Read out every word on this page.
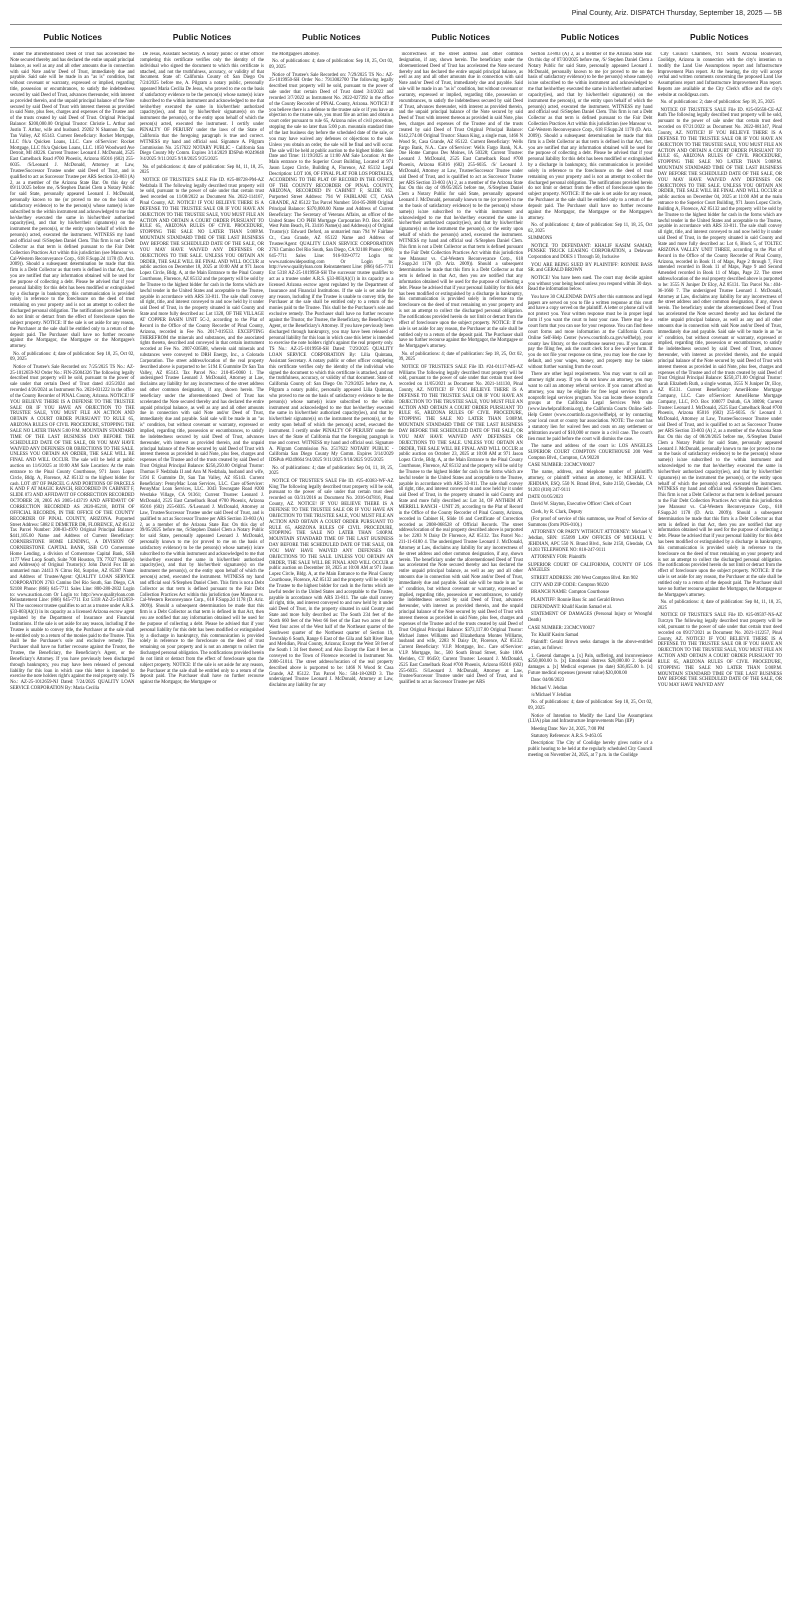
Pinal County, Ariz. DISPATCH Thursday, September 18, 2025 — 5B
Public Notices	Public Notices	Public Notices	Public Notices	Public Notices	Public Notices

under the aforementioned Deed of Trust has accelerated the Note secured thereby and has declared the entire unpaid principal balance, as well as any and all other amounts due in connection with said Note and/or Deed of Trust, immediately due and payable. Said sale will be made in an "as is" condition, but without covenant or warranty, expressed or implied, regarding title, possession or encumbrances, to satisfy the indebtedness secured by said Deed of Trust, advances thereunder, with interest as provided therein, and the unpaid principal balance of the Note secured by said Deed of Trust with interest thereon as provided in said Note, plus fees, charges and expenses of the Trustee and of the trusts created by said Deed of Trust. Original Principal Balance: $200,000.00 Original Trustor: Christie L. Arthur and Justin T. Arthur, wife and husband. 29202 N Shannon Dr, San Tan Valley, AZ 85143. Current Beneficiary: Rocket Mortgage, LLC f/k/a Quicken Loans, LLC. Care of/Servicer: Rocket Mortgage, LLC f/k/a Quicken Loans, LLC. 1050 Woodward Ave Detroit, MI 48226. Current Trustee: Leonard J. McDonald, 2525 East Camelback Road #700 Phoenix, Arizona 85016 (602) 255-6035. /S/Leonard J. McDonald, Attorney at Law, Trustee/Successor Trustee under said Deed of Trust, and is qualified to act as Successor Trustee per ARS Section 33-803 (A) 2, as a member of the Arizona State Bar. On this day of 09/11/2025 before me, /S/Stephen Daniel Clem a Notary Public for said State, personally appeared Leonard J. McDonald, personally known to me (or proved to me on the basis of satisfactory evidence) to be the person(s) whose name(s) is/are subscribed to the within instrument and acknowledged to me that he/she/they executed the same in his/her/their authorized capacity(ies), and that by his/her/their signature(s) on the instrument the person(s), or the entity upon behalf of which the person(s) acted, executed the instrument. WITNESS my hand and official seal /S/Stephen Daniel Clem. This firm is not a Debt Collector as that term is defined pursuant to the Fair Debt Collection Practices Act within this jurisdiction (see Mansour vs. Cal-Western Reconveyance Corp., 618 F.Supp.2d 1178 (D. Ariz. 2009)). Should a subsequent determination be made that this firm is a Debt Collector as that term is defined in that Act, then you are notified that any information obtained will be used for the purpose of collecting a debt. Please be advised that if your personal liability for this debt has been modified or extinguished by a discharge in bankruptcy, this communication is provided solely in reference to the foreclosure on the deed of trust remaining on your property and is not an attempt to collect the discharged personal obligation. The notifications provided herein do not limit or detract from the effect of foreclosure upon the subject property. NOTICE: If the sale is set aside for any reason, the Purchaser at the sale shall be entitled only to a return of the deposit paid. The Purchaser shall have no further recourse against the Mortgagor, the Mortgagee or the Mortgagee's attorney.

No. of publications: 4; date of publication: Sep 18, 25, Oct 02, 09, 2025

Notice of Trustee's Sale Recorded on: 7/25/2025 TS No.: AZ-25-1012659-NJ Order No.: FIN-25004326 The following legally described trust property will be sold, pursuant to the power of sale under that certain Deed of Trust dated 4/25/2024 and recorded 4/26/2024 as Instrument No. 2024-031222 in the office of the County Recorder of PINAL County, Arizona. NOTICE! IF YOU BELIEVE THERE IS A DEFENSE TO THE TRUSTEE SALE OR IF YOU HAVE AN OBJECTION TO THE TRUSTEE SALE, YOU MUST FILE AN ACTION AND OBTAIN A COURT ORDER PURSUANT TO RULE 65, ARIZONA RULES OF CIVIL PROCEDURE, STOPPING THE SALE NO LATER THAN 5:00 P.M. MOUNTAIN STANDARD TIME OF THE LAST BUSINESS DAY BEFORE THE SCHEDULED DATE OF THE SALE, OR YOU MAY HAVE WAIVED ANY DEFENSES OR OBJECTIONS TO THE SALE. UNLESS YOU OBTAIN AN ORDER, THE SALE WILL BE FINAL AND WILL OCCUR. The sale will be held at public auction on 11/6/2025 at 10:00 AM Sale Location: At the main entrance to the Pinal County Courthouse, 971 Jason Lopez Circle, Bldg. A, Florence, AZ 85132 to the highest bidder for cash. LOT 497 OF PARCEL G AND PORTIONS OF PARCELS K AND F AT MAGIC RANCH, RECORDED IN CABINET F, SLIDE 073 AND AFFIDAVIT OF CORRECTION RECORDED OCTOBER 20, 2005 AS 2005-143719 AND AFFIDAVIT OF CORRECTION RECORDED AS 2020-85218, BOTH OF OFFICIAL RECORDS, IN THE OFFICE OF THE COUNTY RECORDER OF PINAL COUNTY, ARIZONA. Purported Street Address: 5882 E DEMETER DR, FLORENCE, AZ 85132 Tax Parcel Number: 200-03-4970 Original Principal Balance: $441,105.00 Name and Address of Current Beneficiary: CORNERSTONE HOME LENDING, A DIVISION OF CORNERSTONE CAPITAL BANK, SSB C/O Cornerstone Home Lending, a division of Cornerstone Capital Bank, SSB 1177 West Loop South, Suite 700 Houston, TX 77027 Name(s) and Address(s) of Original Trustor(s): John David Fox III an unmarried man 24413 N Citrus Rd, Surprise, AZ 85387 Name and Address of Trustee/Agent: QUALITY LOAN SERVICE CORPORATION 2763 Camino Del Rio South, San Diego, CA 92108 Phone: (866) 645-7711 Sales Line: 800-280-2832 Login to: www.auction.com Or Login to: http://www.qualityloan.com Reinstatement Line: (866) 645-7711 Ext 5318 AZ-25-1012659-NJ The successor trustee qualifies to act as a trustee under A.R.S. §33-803(A)(1) in its capacity as a licensed Arizona escrow agent regulated by the Department of Insurance and Financial Institutions. If the sale is set aside for any reason, including if the Trustee is unable to convey title, the Purchaser at the sale shall be entitled only to a return of the monies paid to the Trustee. This shall be the Purchaser's sole and exclusive remedy. The Purchaser shall have no further recourse against the Trustor, the Trustee, the Beneficiary, the Beneficiary's Agent, or the Beneficiary's Attorney. If you have previously been discharged through bankruptcy, you may have been released of personal liability for this loan in which case this letter is intended to exercise the note holders right's against the real property only. TS No.: AZ-25-1012659-NJ Dated: 7/24/2025 QUALITY LOAN SERVICE CORPORATION By: Maria Cecilia

De Jesus, Assistant Secretary. A notary public or other officer completing this certificate verifies only the identity of the individual who signed the document to which this certificate is attached, and not the truthfulness, accuracy, or validity of that document. State of: California County of: San Diego On 7/24/2025 before me, A. Pilgram a notary public, personally appeared Maria Cecilia De Jesus, who proved to me on the basis of satisfactory evidence to be the person(s) whose name(s) is/are subscribed to the within instrument and acknowledged to me that he/she/they executed the same in his/her/their authorized capacity(ies), and that by his/her/their signature(s) on the instrument the person(s), or the entity upon behalf of which the person(s) acted, executed the instrument. I certify under PENALTY OF PERJURY under the laws of the State of California that the foregoing paragraph is true and correct. WITNESS my hand and official seal. Signature A. Pilgram Commission No. 2517622 NOTARY PUBLIC - California San Diego County My Comm. Expires 3/14/2029 IDSPub #0249648 9/4/2025 9/11/2025 9/18/2025 9/25/2025

No. of publications: 4; date of publication: Sep 04, 11, 18, 25, 2025

NOTICE OF TRUSTEE'S SALE File ID. #25-08728-PM-AZ Nedzbala II The following legally described trust property will be sold, pursuant to the power of sale under that certain trust deed recorded on 11/08/2022 as Document No. 2022-114167, Pinal County, AZ. NOTICE! IF YOU BELIEVE THERE IS A DEFENSE TO THE TRUSTEE SALE OR IF YOU HAVE AN OBJECTION TO THE TRUSTEE SALE, YOU MUST FILE AN ACTION AND OBTAIN A COURT ORDER PURSUANT TO RULE 65, ARIZONA RULES OF CIVIL PROCEDURE, STOPPING THE SALE NO LATER THAN 5:00P.M. MOUNTAIN STANDARD TIME OF THE LAST BUSINESS DAY BEFORE THE SCHEDULED DATE OF THE SALE, OR YOU MAY HAVE WAIVED ANY DEFENSES OR OBJECTIONS TO THE SALE. UNLESS YOU OBTAIN AN ORDER, THE SALE WILL BE FINAL AND WILL OCCUR at public auction on December 18, 2025 at 10:00 AM at 971 Jason Lopez Circle, Bldg. A, at the Main Entrance to the Pinal County Courthouse, Florence, AZ 85132 and the property will be sold by the Trustee to the highest bidder for cash in the forms which are lawful tender in the United States and acceptable to the Trustee, payable in accordance with ARS 33-811. The sale shall convey all right, title, and interest conveyed to and now held by it under said Deed of Trust, in the property situated in said County and State and more fully described as: Lot 1328, OF THE VILLAGE AT COPPER BASIN UNIT 5C-2, according to the Plat of Record in the Office of the County Recorder of Pinal County, Arizona, recorded in Fee No. 2017-019533. EXCEPTING THEREFROM the minerals and substances, and the associated rights thereto, described and conveyed in that certain instrument recorded at Fee No. 2007-036588, wherein said minerals and substances were conveyed to DRH Energy, Inc., a Colorado Corporation. The street address/location of the real property described above is purported to be: 5194 E Gummite Dr San Tan Valley, AZ 85143. Tax Parcel No.: 210-85-0060 1. The undersigned Trustee Leonard J. McDonald, Attorney at Law, disclaims any liability for any incorrectness of the street address and other common designation, if any, shown herein. The beneficiary under the aforementioned Deed of Trust has accelerated the Note secured thereby and has declared the entire unpaid principal balance, as well as any and all other amounts due in connection with said Note and/or Deed of Trust, immediately due and payable. Said sale will be made in an "as is" condition, but without covenant or warranty, expressed or implied, regarding title, possession or encumbrances, to satisfy the indebtedness secured by said Deed of Trust, advances thereunder, with interest as provided therein, and the unpaid principal balance of the Note secured by said Deed of Trust with interest thereon as provided in said Note, plus fees, charges and expenses of the Trustee and of the trusts created by said Deed of Trust Original Principal Balance: $256,250.00 Original Trustor: Thomas F Nedzbala II and Ann M Nedzbala, husband and wife, 5194 E Gummite Dr, San Tan Valley, AZ 85143. Current Beneficiary: PennyMac Loan Services, LLC. Care of/Servicer: PennyMac Loan Services, LLC. 3043 Townsgate Road #200 Westlake Village, CA 91361; Current Trustee: Leonard J. McDonald, 2525 East Camelback Road #700 Phoenix, Arizona 85016 (602) 255-6035. /S/Leonard J. McDonald, Attorney at Law, Trustee/Successor Trustee under said Deed of Trust, and is qualified to act as Successor Trustee per ARS Section 33-803 (A) 2, as a member of the Arizona State Bar. On this day of 09/05/2025 before me, /S/Stephen Daniel Clem a Notary Public for said State, personally appeared Leonard J. McDonald, personally known to me (or proved to me on the basis of satisfactory evidence) to be the person(s) whose name(s) is/are subscribed to the within instrument and acknowledged to me that he/she/they executed the same in his/her/their authorized capacity(ies), and that by his/her/their signature(s) on the instrument the person(s), or the entity upon behalf of which the person(s) acted, executed the instrument. WITNESS my hand and official seal /S/Stephen Daniel Clem. This firm is not a Debt Collector as that term is defined pursuant to the Fair Debt Collection Practices Act within this jurisdiction (see Mansour vs. Cal-Western Reconveyance Corp., 618 F.Supp.2d 1178 (D. Ariz. 2009)). Should a subsequent determination be made that this firm is a Debt Collector as that term is defined in that Act, then you are notified that any information obtained will be used for the purpose of collecting a debt. Please be advised that if your personal liability for this debt has been modified or extinguished by a discharge in bankruptcy, this communication is provided solely in reference to the foreclosure on the deed of trust remaining on your property and is not an attempt to collect the discharged personal obligation. The notifications provided herein do not limit or detract from the effect of foreclosure upon the subject property. NOTICE: If the sale is set aside for any reason, the Purchaser at the sale shall be entitled only to a return of the deposit paid. The Purchaser shall have no further recourse against the Mortgagor, the Mortgagee or

the Mortgagee's attorney.

No. of publications: 4; date of publication: Sep 18, 25, Oct 02, 09, 2025

Notice of Trustee's Sale Recorded on: 7/29/2025 TS No.: AZ-25-1019950-SH Order No.: 7913002700 The following legally described trust property will be sold, pursuant to the power of sale under that certain Deed of Trust dated 3/4/2022 and recorded 3/7/2022 as Instrument No. 2022-027392 in the office of the County Recorder of PINAL County, Arizona. NOTICE! If you believe there is a defense to the trustee sale or if you have an objection to the trustee sale, you must file an action and obtain a court order pursuant to rule 65, Arizona rules of civil procedure, stopping the sale no later than 5:00 p.m. mountain standard time of the last business day before the scheduled date of the sale, or you may have waived any defenses or objections to the sale. Unless you obtain an order, the sale will be final and will occur. The sale will be held at public auction to the highest bidder. Sale Date and Time: 11/19/2025 at 11:00 AM Sale Location: At the Main entrance to the Superior Court Building, Located at 971 Jason Lopez Circle, Building A, Florence, AZ 85132 Legal Description: LOT 106, OF FINAL PLAT FOR LOS PORTALES, ACCORDING TO THE PLAT OF RECORD IN THE OFFICE OF THE COUNTY RECORDER OF PINAL COUNTY, ARIZONA, RECORDED IN CABINET F, SLIDE 162. Purported Street Address: 794 W FAIRLANE CT, CASA GRANDE, AZ 85122 Tax Parcel Number: 504-05-2880 Original Principal Balance: $370,000.00 Name and Address of Current Beneficiary: The Secretary of Veterans Affairs, an officer of the United States C/O PHH Mortgage Corporation P.O. Box 24605 West Palm Beach, FL 33416 Name(s) and Address(s) of Original Trustor(s): Edward Deford, an unmarried man 794 W Fairlane Ct., Casa Grande, AZ 85122 Name and Address of Trustee/Agent: QUALITY LOAN SERVICE CORPORATION 2763 Camino Del Rio South, San Diego, CA 92108 Phone: (866) 645-7711 Sales Line: 916-939-0772 Login to: www.nationwideposting.com Or Login to: http://www.qualityloan.com Reinstatement Line: (866) 645-7711 Ext 5318 AZ-25-1019950-SH The successor trustee qualifies to act as a trustee under A.R.S. §33-803(A)(1) in its capacity as a licensed Arizona escrow agent regulated by the Department of Insurance and Financial Institutions. If the sale is set aside for any reason, including if the Trustee is unable to convey title, the Purchaser at the sale shall be entitled only to a return of the monies paid to the Trustee. This shall be the Purchaser's sole and exclusive remedy. The Purchaser shall have no further recourse against the Trustor, the Trustee, the Beneficiary, the Beneficiary's Agent, or the Beneficiary's Attorney. If you have previously been discharged through bankruptcy, you may have been released of personal liability for this loan in which case this letter is intended to exercise the note holders right's against the real property only. TS No.: AZ-25-1019950-SH Dated: 7/29/2025 QUALITY LOAN SERVICE CORPORATION By: Lilia Quintana, Assistant Secretary. A notary public or other officer completing this certificate verifies only the identity of the individual who signed the document to which this certificate is attached, and not the truthfulness, accuracy, or validity of that document. State of: California County of: San Diego On 7/29/2025 before me, A. Pilgram a notary public, personally appeared Lilia Quintana, who proved to me on the basis of satisfactory evidence to be the person(s) whose name(s) is/are subscribed to the within instrument and acknowledged to me that he/she/they executed the same in his/her/their authorized capacity(ies), and that by his/her/their signature(s) on the instrument the person(s), or the entity upon behalf of which the person(s) acted, executed the instrument. I certify under PENALTY OF PERJURY under the laws of the State of California that the foregoing paragraph is true and correct. WITNESS my hand and official seal. Signature A. Pilgram Commission No. 2517622 NOTARY PUBLIC - California San Diego County My Comm. Expires 3/14/2029 IDSPub #0249664 9/4/2025 9/11/2025 9/18/2025 9/25/2025

No. of publications: 4; date of publication: Sep 04, 11, 18, 25, 2025

NOTICE OF TRUSTEE'S SALE File ID. #25-40383-WF-AZ King The following legally described trust property will be sold, pursuant to the power of sale under that certain trust deed recorded on 03/31/2016 as Document No. 2016-047816, Pinal County, AZ. NOTICE! IF YOU BELIEVE THERE IS A DEFENSE TO THE TRUSTEE SALE OR IF YOU HAVE AN OBJECTION TO THE TRUSTEE SALE, YOU MUST FILE AN ACTION AND OBTAIN A COURT ORDER PURSUANT TO RULE 65, ARIZONA RULES OF CIVIL PROCEDURE, STOPPING THE SALE NO LATER THAN 5:00P.M. MOUNTAIN STANDARD TIME OF THE LAST BUSINESS DAY BEFORE THE SCHEDULED DATE OF THE SALE, OR YOU MAY HAVE WAIVED ANY DEFENSES OR OBJECTIONS TO THE SALE. UNLESS YOU OBTAIN AN ORDER, THE SALE WILL BE FINAL AND WILL OCCUR at public auction on December 18, 2025 at 10:00 AM at 971 Jason Lopez Circle, Bldg. A, at the Main Entrance to the Pinal County Courthouse, Florence, AZ 85132 and the property will be sold by the Trustee to the highest bidder for cash in the forms which are lawful tender in the United States and acceptable to the Trustee, payable in accordance with ARS 33-811. The sale shall convey all right, title, and interest conveyed to and now held by it under said Deed of Trust, in the property situated in said County and State and more fully described as: The South 234 feet of the North 660 feet of the West 66 feet of the East two acres of the West four acres of the West half of the Northeast quarter of the Southwest quarter of the Northeast quarter of Section 19, Township 6 South, Range 6 East of the Gila and Salt River Base and Meridian, Pinal County, Arizona; Except the West 58 feet of the South 1 34 feet thereof; and Also Except the East 8 feet as conveyed to the Town of Florence recorded in Instrument No. 2000-51014. The street address/location of the real property described above is purported to be: 1466 N Wood St Casa Grande, AZ 85122. Tax Parcel No.: 504-18-028D 3. The undersigned Trustee Leonard J. McDonald, Attorney at Law, disclaims any liability for any

incorrectness of the street address and other common designation, if any, shown herein. The beneficiary under the aforementioned Deed of Trust has accelerated the Note secured thereby and has declared the entire unpaid principal balance, as well as any and all other amounts due in connection with said Note and/or Deed of Trust, immediately due and payable. Said sale will be made in an "as is" condition, but without covenant or warranty, expressed or implied, regarding title, possession or encumbrances, to satisfy the indebtedness secured by said Deed of Trust, advances thereunder, with interest as provided therein, and the unpaid principal balance of the Note secured by said Deed of Trust with interest thereon as provided in said Note, plus fees, charges and expenses of the Trustee and of the trusts created by said Deed of Trust Original Principal Balance: $142,274.00 Original Trustor: Shaun King, a single man, 1466 N Wood St, Casa Grande, AZ 85122. Current Beneficiary: Wells Fargo Bank, N.A.. Care of/Servicer: Wells Fargo Bank, N.A. One Home Campus Des Moines, IA 50328; Current Trustee: Leonard J. McDonald, 2525 East Camelback Road #700 Phoenix, Arizona 85016 (602) 255-6035. /S/ Leonard J. McDonald, Attorney at Law, Trustee/Successor Trustee under said Deed of Trust, and is qualified to act as Successor Trustee per ARS Section 33-803 (A) 2, as a member of the Arizona State Bar. On this day of 09/05/2025 before me, /S/Stephen Daniel Clem a Notary Public for said State, personally appeared Leonard J. McDonald, personally known to me (or proved to me on the basis of satisfactory evidence) to be the person(s) whose name(s) is/are subscribed to the within instrument and acknowledged to me that he/she/they executed the same in his/her/their authorized capacity(ies), and that by his/her/their signature(s) on the instrument the person(s), or the entity upon behalf of which the person(s) acted, executed the instrument. WITNESS my hand and official seal /S/Stephen Daniel Clem. This firm is not a Debt Collector as that term is defined pursuant to the Fair Debt Collection Practices Act within this jurisdiction (see Mansour vs. Cal-Western Reconveyance Corp., 618 F.Supp.2d 1178 (D. Ariz. 2009)). Should a subsequent determination be made that this firm is a Debt Collector as that term is defined in that Act, then you are notified that any information obtained will be used for the purpose of collecting a debt. Please be advised that if your personal liability for this debt has been modified or extinguished by a discharge in bankruptcy, this communication is provided solely in reference to the foreclosure on the deed of trust remaining on your property and is not an attempt to collect the discharged personal obligation. The notifications provided herein do not limit or detract from the effect of foreclosure upon the subject property. NOTICE: If the sale is set aside for any reason, the Purchaser at the sale shall be entitled only to a return of the deposit paid. The Purchaser shall have no further recourse against the Mortgagor, the Mortgagee or the Mortgagee's attorney.

No. of publications: 4; date of publication: Sep 18, 25, Oct 02, 09, 2025

NOTICE OF TRUSTEE'S SALE File ID. #24-01117-MS-AZ Williams The following legally described trust property will be sold, pursuant to the power of sale under that certain trust deed recorded on 11/05/2021 as Document No. 2021-141130, Pinal County, AZ. NOTICE! IF YOU BELIEVE THERE IS A DEFENSE TO THE TRUSTEE SALE OR IF YOU HAVE AN OBJECTION TO THE TRUSTEE SALE, YOU MUST FILE AN ACTION AND OBTAIN A COURT ORDER PURSUANT TO RULE 65, ARIZONA RULES OF CIVIL PROCEDURE, STOPPING THE SALE NO LATER THAN 5:00P.M. MOUNTAIN STANDARD TIME OF THE LAST BUSINESS DAY BEFORE THE SCHEDULED DATE OF THE SALE, OR YOU MAY HAVE WAIVED ANY DEFENSES OR OBJECTIONS TO THE SALE. UNLESS YOU OBTAIN AN ORDER, THE SALE WILL BE FINAL AND WILL OCCUR at public auction on October 23, 2025 at 10:00 AM at 971 Jason Lopez Circle, Bldg. A, at the Main Entrance to the Pinal County Courthouse, Florence, AZ 85132 and the property will be sold by the Trustee to the highest bidder for cash in the forms which are lawful tender in the United States and acceptable to the Trustee, payable in accordance with ARS 33-811. The sale shall convey all right, title, and interest conveyed to and now held by it under said Deed of Trust, in the property situated in said County and State and more fully described as: Lot 34, OF ANTHEM AT MERRILL RANCH - UNIT 29, according to the Plat of Record in the Office of the County Recorder of Pinal County, Arizona, recorded in Cabinet H, Slide 16 and Certificate of Correction recorded as 2008-068528 of Official Records. The street address/location of the real property described above is purported to be: 2283 N Daisy Dr Florence, AZ 85132. Tax Parcel No.: 211-11-6180 4. The undersigned Trustee Leonard J. McDonald, Attorney at Law, disclaims any liability for any incorrectness of the street address and other common designation, if any, shown herein. The beneficiary under the aforementioned Deed of Trust has accelerated the Note secured thereby and has declared the entire unpaid principal balance, as well as any and all other amounts due in connection with said Note and/or Deed of Trust, immediately due and payable. Said sale will be made in an "as is" condition, but without covenant or warranty, expressed or implied, regarding title, possession or encumbrances, to satisfy the indebtedness secured by said Deed of Trust, advances thereunder, with interest as provided therein, and the unpaid principal balance of the Note secured by said Deed of Trust with interest thereon as provided in said Note, plus fees, charges and expenses of the Trustee and of the trusts created by said Deed of Trust Original Principal Balance: $373,117.00 Original Trustor: Michael James Williams and Elizabethann Montes Williams, husband and wife, 2283 N Daisy Dr, Florence, AZ 85132. Current Beneficiary: V.I.P. Mortgage, Inc.. Care of/Servicer: V.I.P. Mortgage, Inc., 500 South Broad Street, Suite 100A Meriden, CT 06450; Current Trustee: Leonard J. McDonald, 2525 East Camelback Road #700 Phoenix, Arizona 85016 (602) 255-6035. /S/Leonard J. McDonald, Attorney at Law, Trustee/Successor Trustee under said Deed of Trust, and is qualified to act as Successor Trustee per ARS

Section 33-803 (A) 2, as a member of the Arizona State Bar. On this day of 07/30/2025 before me, /S/ Stephen Daniel Clem a Notary Public for said State, personally appeared Leonard J. McDonald, personally known to me (or proved to me on the basis of satisfactory evidence) to be the person(s) whose name(s) is/are subscribed to the within instrument and acknowledged to me that he/she/they executed the same in his/her/their authorized capacity(ies), and that by his/her/their signature(s) on the instrument the person(s), or the entity upon behalf of which the person(s) acted, executed the instrument. WITNESS my hand and official seal /S/Stephen Daniel Clem. This firm is not a Debt Collector as that term is defined pursuant to the Fair Debt Collection Practices Act within this jurisdiction (see Mansour vs. Cal-Western Reconveyance Corp., 618 F.Supp.2d 1178 (D. Ariz. 2009)). Should a subsequent determination be made that this firm is a Debt Collector as that term is defined in that Act, then you are notified that any information obtained will be used for the purpose of collecting a debt. Please be advised that if your personal liability for this debt has been modified or extinguished by a discharge in bankruptcy, this communication is provided solely in reference to the foreclosure on the deed of trust remaining on your property and is not an attempt to collect the discharged personal obligation. The notifications provided herein do not limit or detract from the effect of foreclosure upon the subject property. NOTICE: If the sale is set aside for any reason, the Purchaser at the sale shall be entitled only to a return of the deposit paid. The Purchaser shall have no further recourse against the Mortgagor, the Mortgagee or the Mortgagee's attorney.

No. of publications: 4; date of publication: Sep 11, 18, 25, Oct 02, 2025

SUMMONS

NOTICE TO DEFENDANT: KHALIF KASIM SAMAD; PENSKE TRUCK LEASING CORPORATION, a Delaware Corporation and DOES 1 Through 50, Inclusive

YOU ARE BEING SUED BY PLAINTIFF: RONNIE BASS SR. and GERALD BROWN

NOTICE! You have been sued. The court may decide against you without your being heard unless you respond within 30 days. Read the information below.

You have 30 CALENDAR DAYS after this summons and legal papers are served on you to file a written response at this court and have a copy served on the plaintiff. A letter or phone call will not protect you. Your written response must be in proper legal form if you want the court to hear your case. There may be a court form that you can use for your response. You can find these court forms and more information at the California Courts Online Self-Help Center (www.courtinfo.ca.gov/selfhelp), your county law library, or the courthouse nearest you. If you cannot pay the filing fee, ask the court clerk for a fee waiver form. If you do not file your response on time, you may lose the case by default, and your wages, money, and property may be taken without further warning from the court.

There are other legal requirements. You may want to call an attorney right away. If you do not know an attorney, you may want to call an attorney referral service. If you cannot afford an attorney, you may be eligible for free legal services from a nonprofit legal services program. You can locate these nonprofit groups at the California Legal Services Web site (www.lawhelpcalifornia.org), the California Courts Online Self-Help Center (www.courtinfo.ca.gov/selfhelp), or by contacting your local court or county bar association. NOTE: The court has a statutory lien for waived fees and costs on any settlement or arbitration award of $10,000 or more in a civil case. The court's lien must be paid before the court will dismiss the case.

The name and address of the court is: LOS ANGELES SUPERIOR COURT COMPTON COURTHOUSE 200 West Compton Blvd., Compton, CA 90220

CASE NUMBER: 23CMCV00027

The name, address, and telephone number of plaintiff's attorney, or plaintiff without an attorney, is: MICHAEL V. JEHDIAN, ESQ. 550 N. Brand Blvd., Suite 2150, Glendale, CA 91203 (818) 247-9111

DATE 01/05/2023

David W. Slayton, Executive Officer/ Clerk of Court

Clerk, by R. Clark, Deputy

(For proof of service of this summons, use Proof of Service of Summons (form POS-010).)

ATTORNEY OR PARTY WITHOUT ATTORNEY: Michael V. Jehdian, SBN: 155099 LAW OFFICES OF MICHAEL V. JEHDIAN, APC 550 N. Brand Blvd., Suite 2150, Glendale, CA 91203 TELEPHONE NO: 818-247-9111

ATTORNEY FOR: Plaintiffs

SUPERIOR COURT OF CALIFORNIA, COUNTY OF LOS ANGELES

STREET ADDRESS: 200 West Compton Blvd. Rm 902

CITY AND ZIP CODE: Compton 90220

BRANCH NAME: Compton Courthouse

PLAINTIFF: Ronnie Bass Sr. and Gerald Brown

DEFENDANT: Khalif Kasim Samad et al.

STATEMENT OF DAMAGES (Personal Injury or Wrongful Death)

CASE NUMBER: 23CMCV00027

To: Khalif Kasim Samad

Plaintiff: Gerald Brown seeks damages in the above-entitled action, as follows:

1. General damages a. [x] Pain, suffering, and inconvenience $250,000.00 b. [x] Emotional distress $20,000.00 2. Special damages a. [x] Medical expenses (to date) $36,855.00 b. [x] Future medical expenses (present value) $20,000.00

Date: 04/06/2023

Michael V. Jehdian

/s/Michael V Jehdian

No. of publications: 4; date of publication: Sep 18, 25, Oct 02, 09, 2025

Notice of Intention to Modify the Land Use Assumptions (LUA) plan and Infrastructure Improvements Plan (IIP)

Meeting Date: Nov 24, 2025, 7:00 PM

Statutory Reference: A.R.S. 9-463.05

Description: The City of Coolidge hereby gives notice of a public hearing to be held at the regularly scheduled City Council meeting on November 24, 2025, at 7 p.m. in the Coolidge

City Council Chambers, 911 South Arizona Boulevard, Coolidge, Arizona in connection with the city's intention to modify the Land Use Assumptions report and Infrastructure Improvement Plan report. At the hearing, the city will accept verbal and written comments concerning the proposed Land Use Assumptions report and Infrastructure Improvement Plan report. Reports are available at the City Clerk's office and the city's website at coolidgeaz.com.

No. of publications: 2; date of publication: Sep 18, 25, 2025

NOTICE OF TRUSTEE'S SALE File ID. #25-05658-CE-AZ Ruth The following legally described trust property will be sold, pursuant to the power of sale under that certain trust deed recorded on 07/21/2022 as Document No. 2022-081347, Pinal County, AZ. NOTICE! IF YOU BELIEVE THERE IS A DEFENSE TO THE TRUSTEE SALE OR IF YOU HAVE AN OBJECTION TO THE TRUSTEE SALE, YOU MUST FILE AN ACTION AND OBTAIN A COURT ORDER PURSUANT TO RULE 65, ARIZONA RULES OF CIVIL PROCEDURE, STOPPING THE SALE NO LATER THAN 5:00P.M. MOUNTAIN STANDARD TIME OF THE LAST BUSINESS DAY BEFORE THE SCHEDULED DATE OF THE SALE, OR YOU MAY HAVE WAIVED ANY DEFENSES OR OBJECTIONS TO THE SALE. UNLESS YOU OBTAIN AN ORDER, THE SALE WILL BE FINAL AND WILL OCCUR at public auction on December 04, 2025 at 11:00 AM at the main entrance to the Superior Court Building, 971 Jason Lopez Circle, Building A, Florence, AZ 85132 and the property will be sold by the Trustee to the highest bidder for cash in the forms which are lawful tender in the United States and acceptable to the Trustee, payable in accordance with ARS 33-811. The sale shall convey all right, title, and interest conveyed to and now held by it under said Deed of Trust, in the property situated in said County and State and more fully described as: Lot 6, Block 5, of TOLTEC ARIZONA VALLEY UNIT THREE, according to the Plat of Record in the Office of the County Recorder of Pinal County, Arizona, recorded in Book 11 of Maps, Page 2 through 7, First amended recorded in Book 11 of Maps, Page 9 and Second Amended recorded in Book 11 of Maps, Page 22. The street address/location of the real property described above is purported to be: 3555 N Juniper Dr Eloy, AZ 85131. Tax Parcel No.: 404-06-1660 7. The undersigned Trustee Leonard J. McDonald, Attorney at Law, disclaims any liability for any incorrectness of the street address and other common designation, if any, shown herein. The beneficiary under the aforementioned Deed of Trust has accelerated the Note secured thereby and has declared the entire unpaid principal balance, as well as any and all other amounts due in connection with said Note and/or Deed of Trust, immediately due and payable. Said sale will be made in an "as is" condition, but without covenant or warranty, expressed or implied, regarding title, possession or encumbrances, to satisfy the indebtedness secured by said Deed of Trust, advances thereunder, with interest as provided therein, and the unpaid principal balance of the Note secured by said Deed of Trust with interest thereon as provided in said Note, plus fees, charges and expenses of the Trustee and of the trusts created by said Deed of Trust Original Principal Balance: $250,371.00 Original Trustor: Sarah Elizabeth Ruth, a single woman, 3555 N Juniper Dr, Eloy, AZ 85131. Current Beneficiary: AmeriHome Mortgage Company, LLC. Care of/Servicer: AmeriHome Mortgage Company, LLC, P.O. Box 100077 Duluth, GA 30096; Current Trustee: Leonard J. McDonald, 2525 East Camelback Road #700 Phoenix, Arizona 85016 (602) 255-6035. /S/ Leonard J. McDonald, Attorney at Law, Trustee/Successor Trustee under said Deed of Trust, and is qualified to act as Successor Trustee per ARS Section 33-803 (A) 2, as a member of the Arizona State Bar. On this day of 08/20/2025 before me, /S/Stephen Daniel Clem a Notary Public for said State, personally appeared Leonard J. McDonald, personally known to me (or proved to me on the basis of satisfactory evidence) to be the person(s) whose name(s) is/are subscribed to the within instrument and acknowledged to me that he/she/they executed the same in his/her/their authorized capacity(ies), and that by his/her/their signature(s) on the instrument the person(s), or the entity upon behalf of which the person(s) acted, executed the instrument. WITNESS my hand and official seal /S/Stephen Daniel Clem. This firm is not a Debt Collector as that term is defined pursuant to the Fair Debt Collection Practices Act within this jurisdiction (see Mansour vs. Cal-Western Reconveyance Corp., 618 F.Supp.2d 1178 (D. Ariz. 2009)). Should a subsequent determination be made that this firm is a Debt Collector as that term is defined in that Act, then you are notified that any information obtained will be used for the purpose of collecting a debt. Please be advised that if your personal liability for this debt has been modified or extinguished by a discharge in bankruptcy, this communication is provided solely in reference to the foreclosure on the deed of trust remaining on your property and is not an attempt to collect the discharged personal obligation. The notifications provided herein do not limit or detract from the effect of foreclosure upon the subject property. NOTICE: If the sale is set aside for any reason, the Purchaser at the sale shall be entitled only to a return of the deposit paid. The Purchaser shall have no further recourse against the Mortgagor, the Mortgagee or the Mortgagee's attorney.

No. of publications: 4; date of publication: Sep 04, 11, 18, 25, 2025

NOTICE OF TRUSTEE'S SALE File ID. #25-09597-NS-AZ Turczyn The following legally described trust property will be sold, pursuant to the power of sale under that certain trust deed recorded on 09/27/2021 as Document No. 2021-112257, Pinal County, AZ. NOTICE! IF YOU BELIEVE THERE IS A DEFENSE TO THE TRUSTEE SALE OR IF YOU HAVE AN OBJECTION TO THE TRUSTEE SALE, YOU MUST FILE AN ACTION AND OBTAIN A COURT ORDER PURSUANT TO RULE 65, ARIZONA RULES OF CIVIL PROCEDURE, STOPPING THE SALE NO LATER THAN 5:00P.M. MOUNTAIN STANDARD TIME OF THE LAST BUSINESS DAY BEFORE THE SCHEDULED DATE OF THE SALE, OR YOU MAY HAVE WAIVED ANY
